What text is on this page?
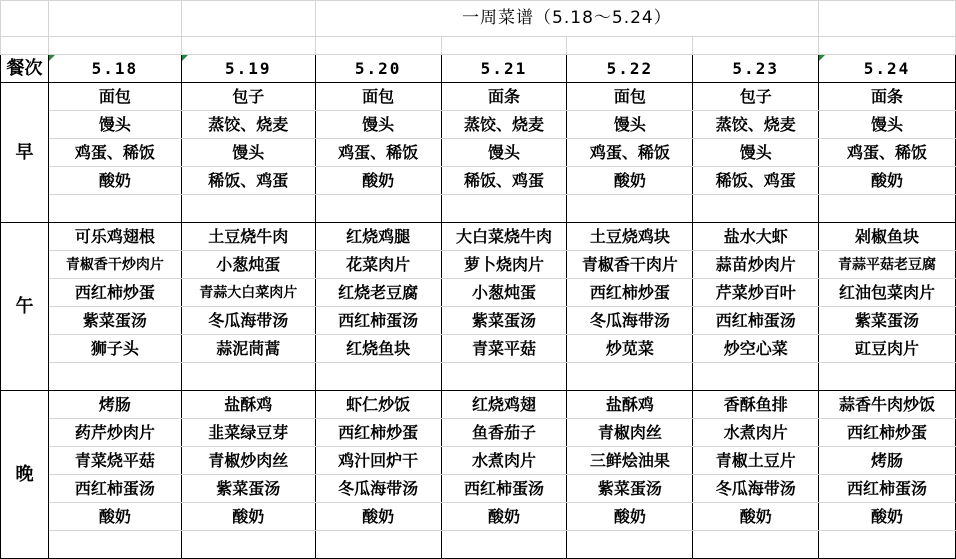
			一周菜谱（5.18～5.24）				

餐次	5.18	5.19	5.20	5.21	5.22	5.23	5.24
早	面包	包子	面包	面条	面包	包子	面条
	馒头	蒸饺、烧麦	馒头	蒸饺、烧麦	馒头	蒸饺、烧麦	馒头
	鸡蛋、稀饭	馒头	鸡蛋、稀饭	馒头	鸡蛋、稀饭	馒头	鸡蛋、稀饭
	酸奶	稀饭、鸡蛋	酸奶	稀饭、鸡蛋	酸奶	稀饭、鸡蛋	酸奶

午	可乐鸡翅根	土豆烧牛肉	红烧鸡腿	大白菜烧牛肉	土豆烧鸡块	盐水大虾	剁椒鱼块
	青椒香干炒肉片	小葱炖蛋	花菜肉片	萝卜烧肉片	青椒香干肉片	蒜苗炒肉片	青蒜平菇老豆腐
	西红柿炒蛋	青蒜大白菜肉片	红烧老豆腐	小葱炖蛋	西红柿炒蛋	芹菜炒百叶	红油包菜肉片
	紫菜蛋汤	冬瓜海带汤	西红柿蛋汤	紫菜蛋汤	冬瓜海带汤	西红柿蛋汤	紫菜蛋汤
	狮子头	蒜泥茼蒿	红烧鱼块	青菜平菇	炒苋菜	炒空心菜	豇豆肉片

晚	烤肠	盐酥鸡	虾仁炒饭	红烧鸡翅	盐酥鸡	香酥鱼排	蒜香牛肉炒饭
	药芹炒肉片	韭菜绿豆芽	西红柿炒蛋	鱼香茄子	青椒肉丝	水煮肉片	西红柿炒蛋
	青菜烧平菇	青椒炒肉丝	鸡汁回炉干	水煮肉片	三鲜烩油果	青椒土豆片	烤肠
	西红柿蛋汤	紫菜蛋汤	冬瓜海带汤	西红柿蛋汤	紫菜蛋汤	冬瓜海带汤	西红柿蛋汤
	酸奶	酸奶	酸奶	酸奶	酸奶	酸奶	酸奶
